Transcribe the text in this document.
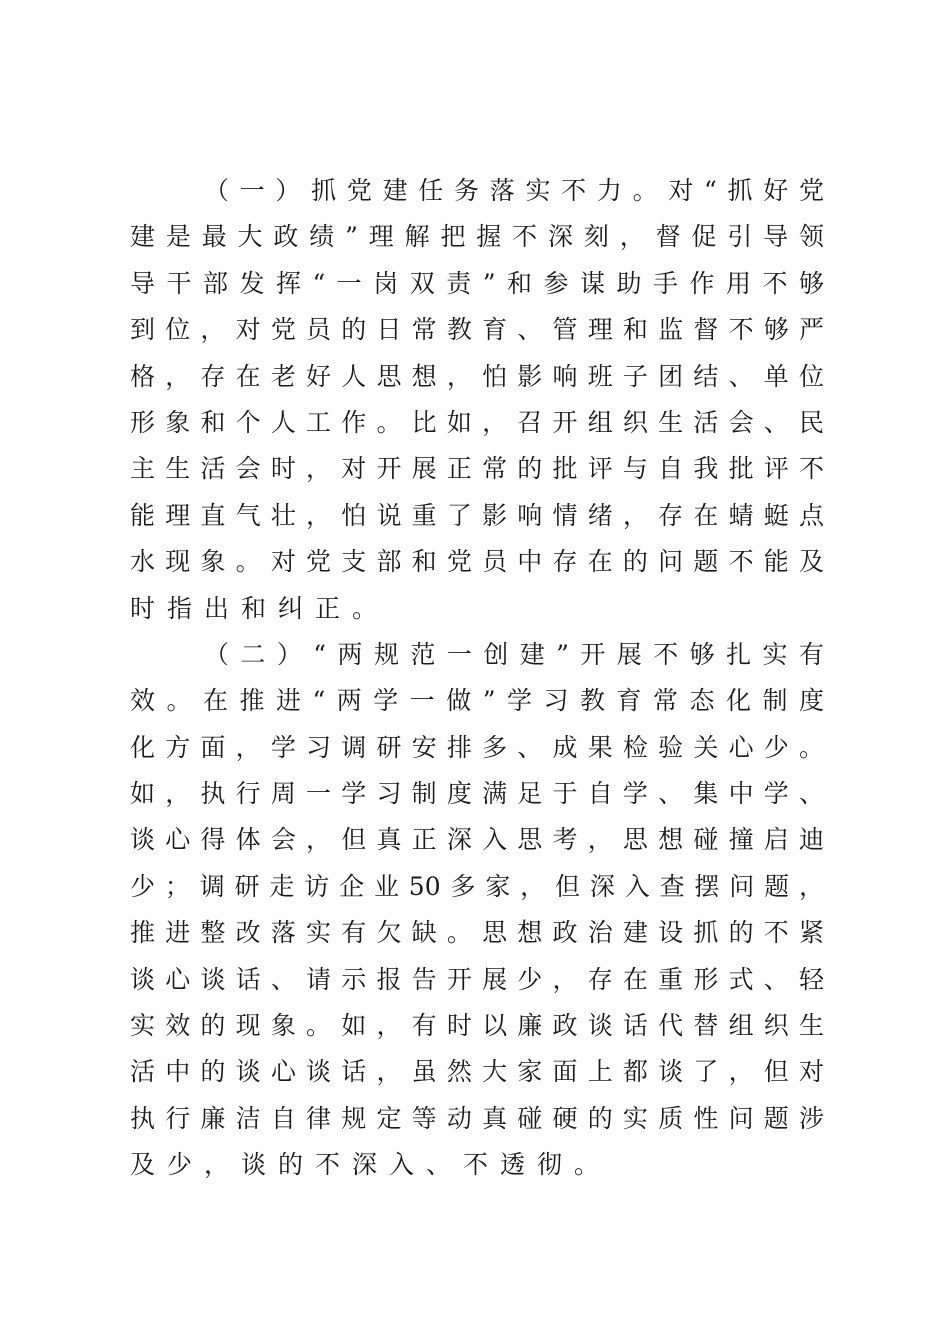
（一）抓党建任务落实不力。对“抓好党
建是最大政绩”理解把握不深刻，督促引导领
导干部发挥“一岗双责”和参谋助手作用不够
到位，对党员的日常教育、管理和监督不够严
格，存在老好人思想，怕影响班子团结、单位
形象和个人工作。比如，召开组织生活会、民
主生活会时，对开展正常的批评与自我批评不
能理直气壮，怕说重了影响情绪，存在蜻蜓点
水现象。对党支部和党员中存在的问题不能及
时指出和纠正。
（二）“两规范一创建”开展不够扎实有
效。在推进“两学一做”学习教育常态化制度
化方面，学习调研安排多、成果检验关心少。
如，执行周一学习制度满足于自学、集中学、
谈心得体会，但真正深入思考，思想碰撞启迪
少；调研走访企业50多家，但深入查摆问题，
推进整改落实有欠缺。思想政治建设抓的不紧
谈心谈话、请示报告开展少，存在重形式、轻
实效的现象。如，有时以廉政谈话代替组织生
活中的谈心谈话，虽然大家面上都谈了，但对
执行廉洁自律规定等动真碰硬的实质性问题涉
及少，谈的不深入、不透彻。
